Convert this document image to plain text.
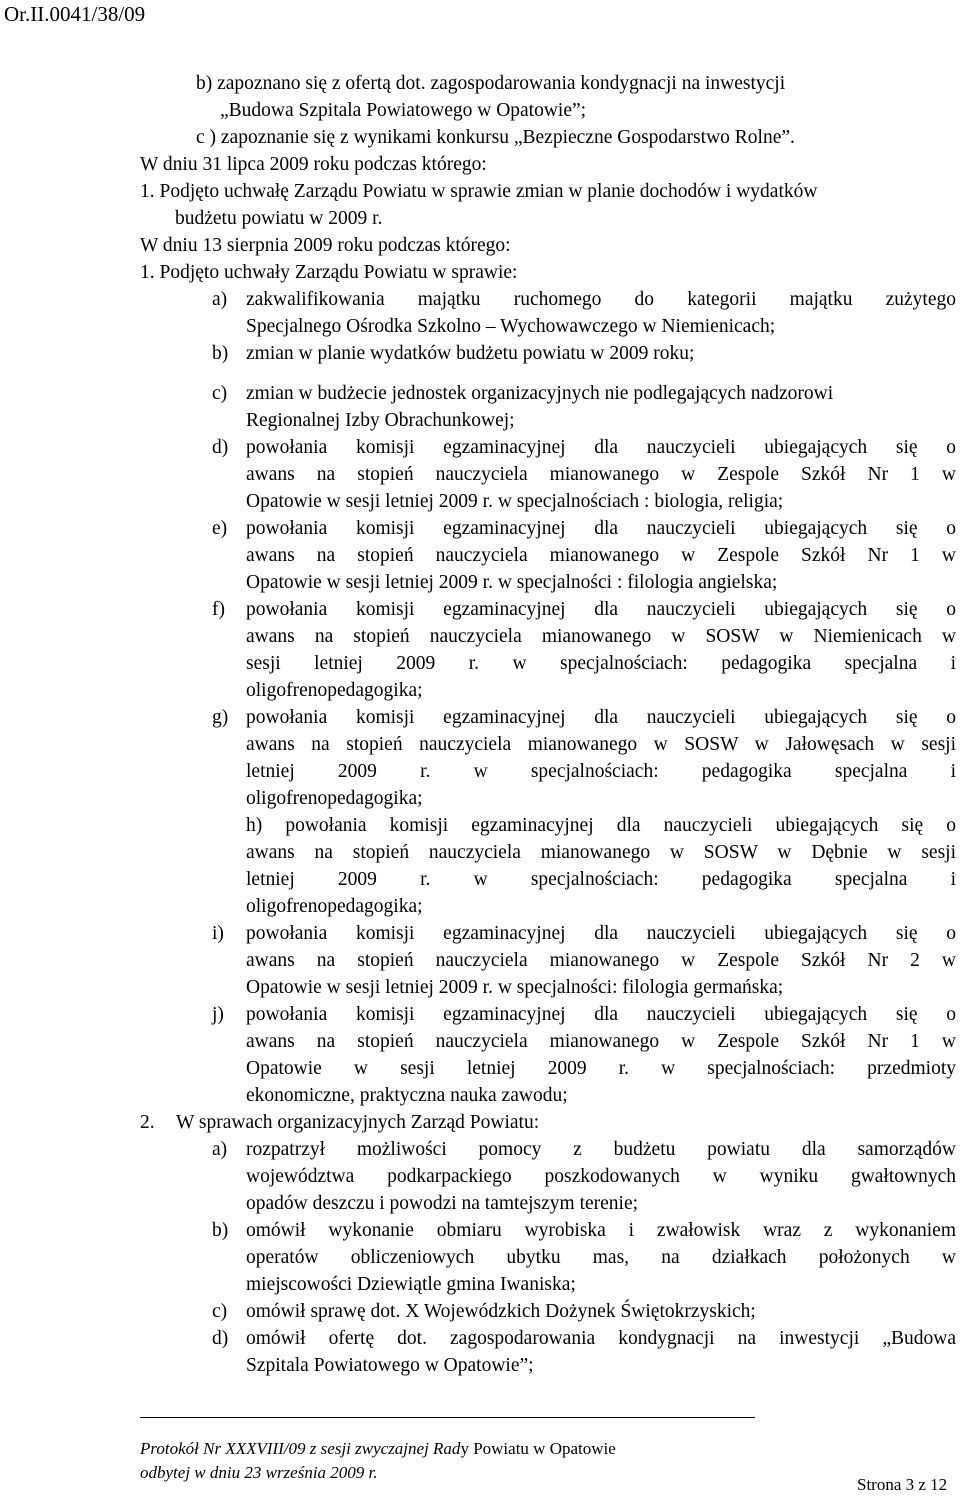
Or.II.0041/38/09
b) zapoznano się z ofertą dot. zagospodarowania kondygnacji na inwestycji
„Budowa Szpitala Powiatowego w Opatowie”;
c ) zapoznanie się z wynikami konkursu „Bezpieczne Gospodarstwo Rolne”.
W dniu 31 lipca 2009 roku podczas którego:
1. Podjęto uchwałę Zarządu Powiatu w sprawie zmian w planie dochodów i wydatków
budżetu powiatu w 2009 r.
W dniu 13 sierpnia 2009 roku podczas którego:
1. Podjęto uchwały Zarządu Powiatu w sprawie:
a) zakwalifikowania majątku ruchomego do kategorii majątku zużytego
Specjalnego Ośrodka Szkolno – Wychowawczego w Niemienicach;
b) zmian w planie wydatków budżetu powiatu w 2009 roku;
c) zmian w budżecie jednostek organizacyjnych nie podlegających nadzorowi
Regionalnej Izby Obrachunkowej;
d) powołania komisji egzaminacyjnej dla nauczycieli ubiegających się o
awans na stopień nauczyciela mianowanego w Zespole Szkół Nr 1 w
Opatowie w sesji letniej 2009 r. w specjalnościach : biologia, religia;
e) powołania komisji egzaminacyjnej dla nauczycieli ubiegających się o
awans na stopień nauczyciela mianowanego w Zespole Szkół Nr 1 w
Opatowie w sesji letniej 2009 r. w specjalności : filologia angielska;
f) powołania komisji egzaminacyjnej dla nauczycieli ubiegających się o
awans na stopień nauczyciela mianowanego w SOSW w Niemienicach w
sesji letniej 2009 r. w specjalnościach: pedagogika specjalna i
oligofrenopedagogika;
g) powołania komisji egzaminacyjnej dla nauczycieli ubiegających się o
awans na stopień nauczyciela mianowanego w SOSW w Jałowęsach w sesji
letniej 2009 r. w specjalnościach: pedagogika specjalna i
oligofrenopedagogika;
h) powołania komisji egzaminacyjnej dla nauczycieli ubiegających się o
awans na stopień nauczyciela mianowanego w SOSW w Dębnie w sesji
letniej 2009 r. w specjalnościach: pedagogika specjalna i
oligofrenopedagogika;
i) powołania komisji egzaminacyjnej dla nauczycieli ubiegających się o
awans na stopień nauczyciela mianowanego w Zespole Szkół Nr 2 w
Opatowie w sesji letniej 2009 r. w specjalności: filologia germańska;
j) powołania komisji egzaminacyjnej dla nauczycieli ubiegających się o
awans na stopień nauczyciela mianowanego w Zespole Szkół Nr 1 w
Opatowie w sesji letniej 2009 r. w specjalnościach: przedmioty
ekonomiczne, praktyczna nauka zawodu;
2. W sprawach organizacyjnych Zarząd Powiatu:
a) rozpatrzył możliwości pomocy z budżetu powiatu dla samorządów
województwa podkarpackiego poszkodowanych w wyniku gwałtownych
opadów deszczu i powodzi na tamtejszym terenie;
b) omówił wykonanie obmiaru wyrobiska i zwałowisk wraz z wykonaniem
operatów obliczeniowych ubytku mas, na działkach położonych w
miejscowości Dziewiątle gmina Iwaniska;
c) omówił sprawę dot. X Wojewódzkich Dożynek Świętokrzyskich;
d) omówił ofertę dot. zagospodarowania kondygnacji na inwestycji „Budowa
Szpitala Powiatowego w Opatowie”;
Protokół Nr XXXVIII/09 z sesji zwyczajnej Rady Powiatu w Opatowie
odbytej w dniu 23 września 2009 r.
Strona 3 z 12
